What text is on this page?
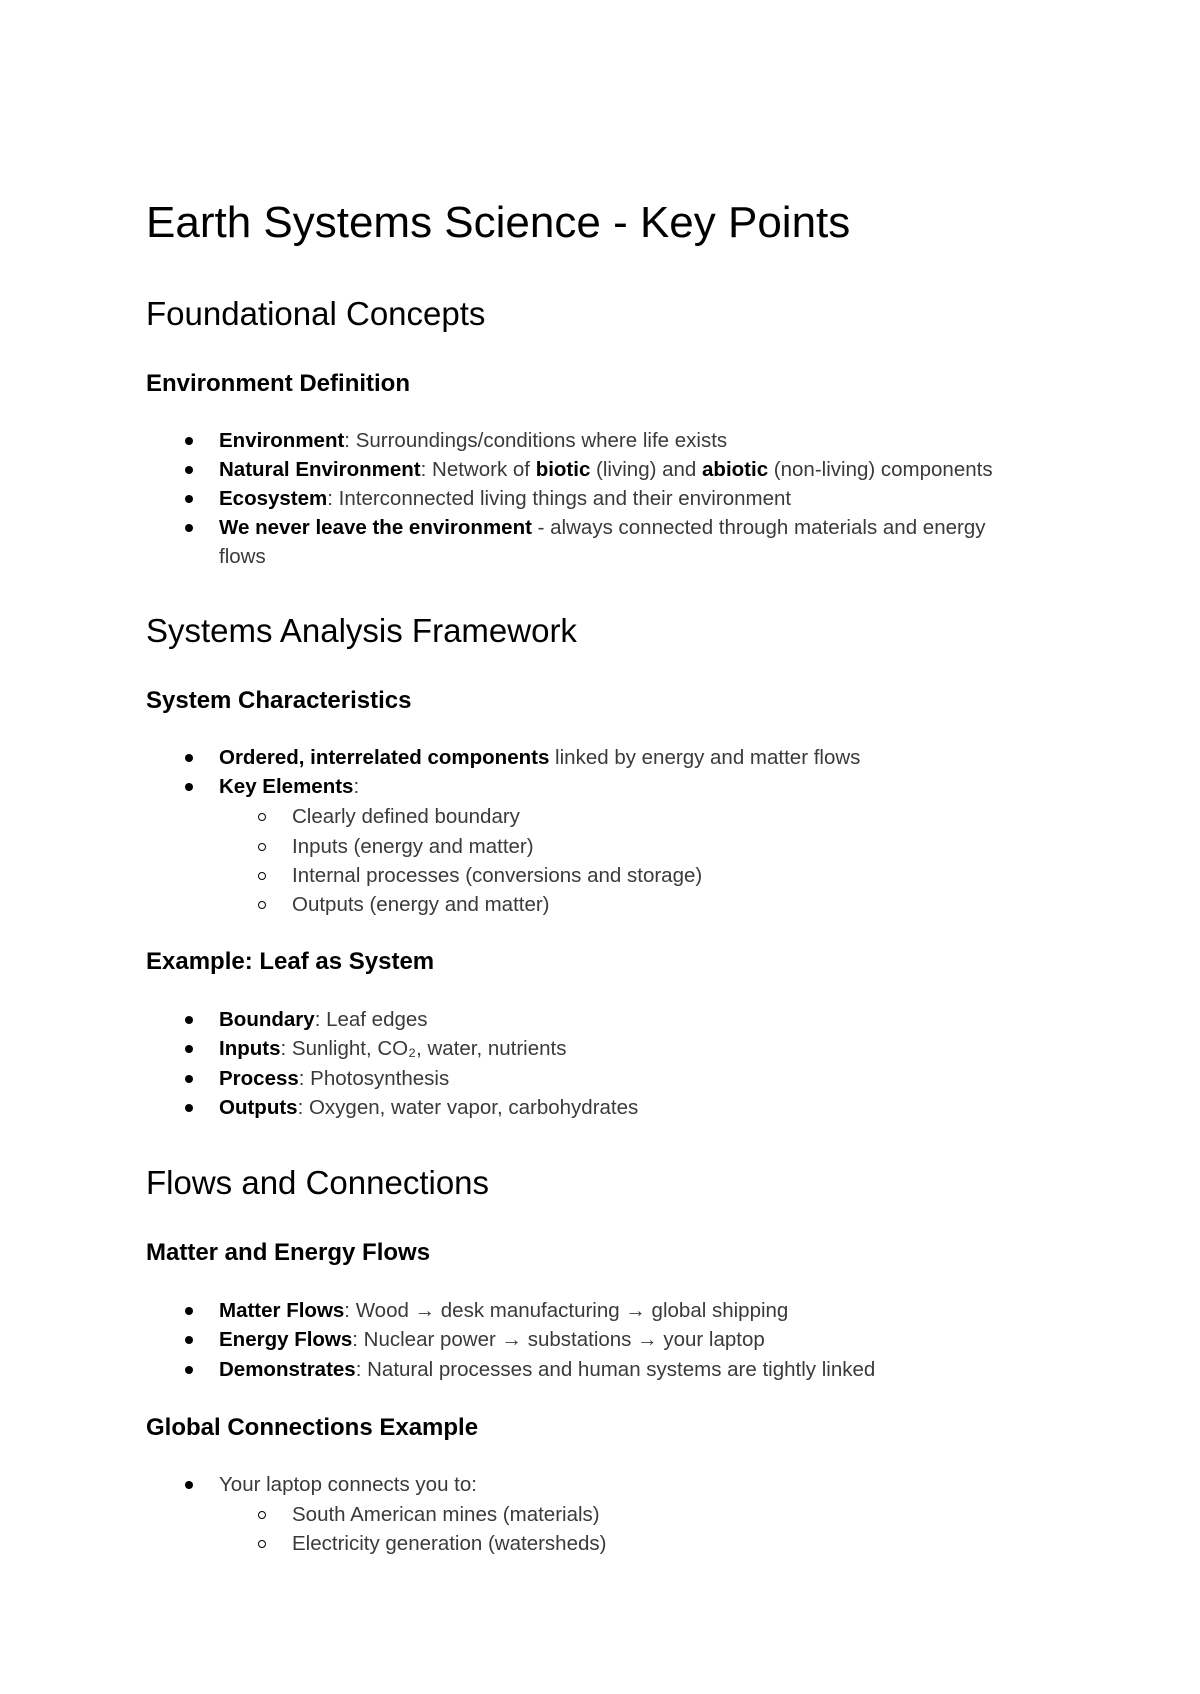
Earth Systems Science - Key Points
Foundational Concepts
Environment Definition
Environment: Surroundings/conditions where life exists
Natural Environment: Network of biotic (living) and abiotic (non-living) components
Ecosystem: Interconnected living things and their environment
We never leave the environment - always connected through materials and energy
flows
Systems Analysis Framework
System Characteristics
Ordered, interrelated components linked by energy and matter flows
Key Elements:
Clearly defined boundary
Inputs (energy and matter)
Internal processes (conversions and storage)
Outputs (energy and matter)
Example: Leaf as System
Boundary: Leaf edges
Inputs: Sunlight, CO₂, water, nutrients
Process: Photosynthesis
Outputs: Oxygen, water vapor, carbohydrates
Flows and Connections
Matter and Energy Flows
Matter Flows: Wood → desk manufacturing → global shipping
Energy Flows: Nuclear power → substations → your laptop
Demonstrates: Natural processes and human systems are tightly linked
Global Connections Example
Your laptop connects you to:
South American mines (materials)
Electricity generation (watersheds)
